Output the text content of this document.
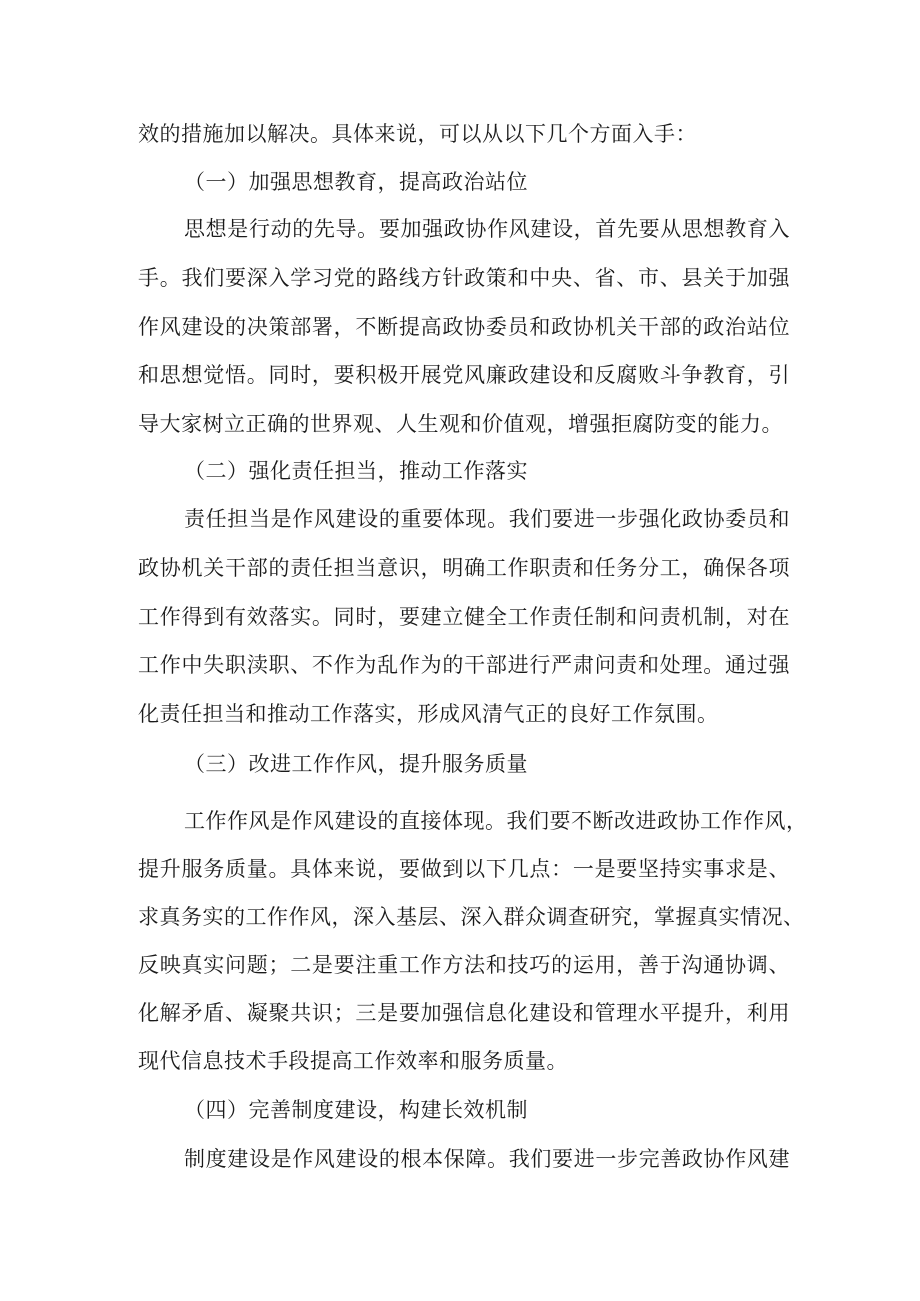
效的措施加以解决。具体来说，可以从以下几个方面入手：
（一）加强思想教育，提高政治站位
思想是行动的先导。要加强政协作风建设，首先要从思想教育入
手。我们要深入学习党的路线方针政策和中央、省、市、县关于加强
作风建设的决策部署，不断提高政协委员和政协机关干部的政治站位
和思想觉悟。同时，要积极开展党风廉政建设和反腐败斗争教育，引
导大家树立正确的世界观、人生观和价值观，增强拒腐防变的能力。
（二）强化责任担当，推动工作落实
责任担当是作风建设的重要体现。我们要进一步强化政协委员和
政协机关干部的责任担当意识，明确工作职责和任务分工，确保各项
工作得到有效落实。同时，要建立健全工作责任制和问责机制，对在
工作中失职渎职、不作为乱作为的干部进行严肃问责和处理。通过强
化责任担当和推动工作落实，形成风清气正的良好工作氛围。
（三）改进工作作风，提升服务质量
工作作风是作风建设的直接体现。我们要不断改进政协工作作风，
提升服务质量。具体来说，要做到以下几点：一是要坚持实事求是、
求真务实的工作作风，深入基层、深入群众调查研究，掌握真实情况、
反映真实问题；二是要注重工作方法和技巧的运用，善于沟通协调、
化解矛盾、凝聚共识；三是要加强信息化建设和管理水平提升，利用
现代信息技术手段提高工作效率和服务质量。
（四）完善制度建设，构建长效机制
制度建设是作风建设的根本保障。我们要进一步完善政协作风建
